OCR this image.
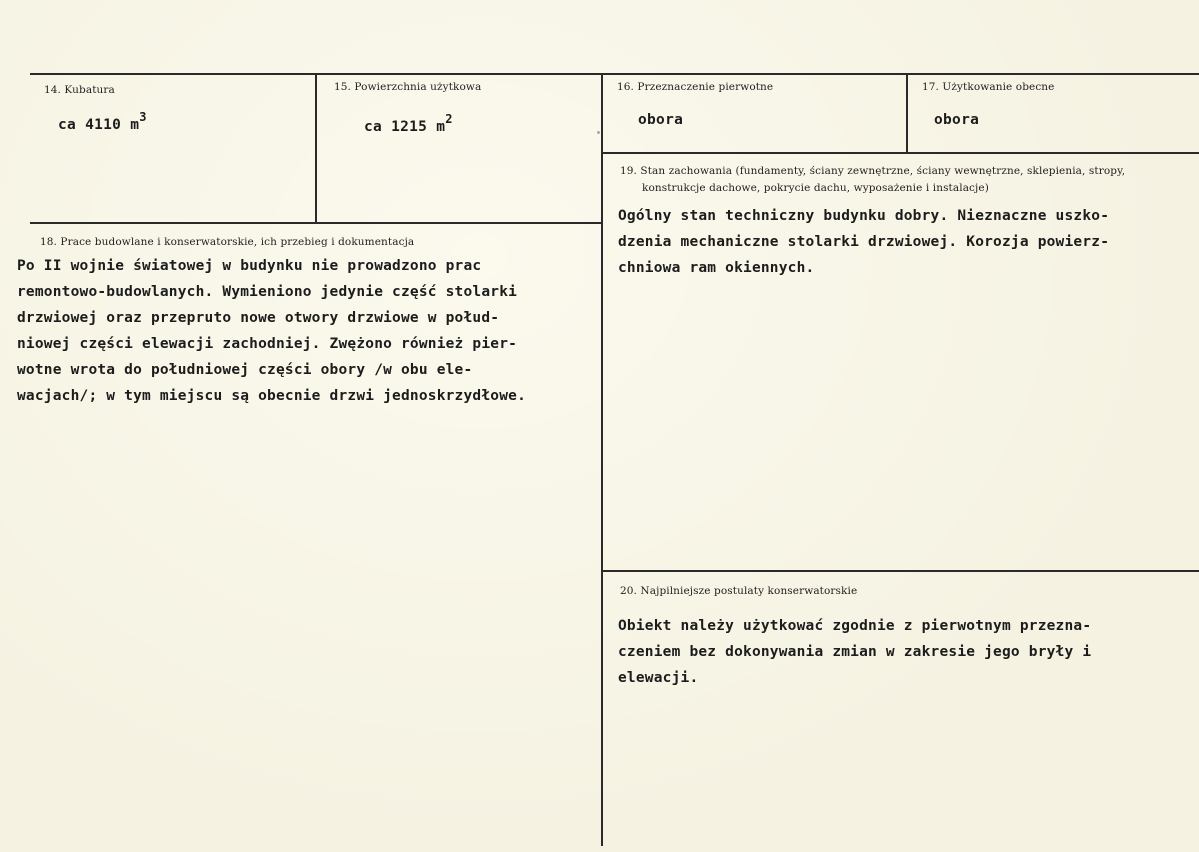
14. Kubatura
ca 4110 $m^3$
15. Powierzchnia użytkowa
ca 1215 $m^2$
16. Przeznaczenie pierwotne
obora
17. Użytkowanie obecne
obora
18. Prace budowlane i konserwatorskie, ich przebieg i dokumentacja
Po II wojnie światowej w budynku nie prowadzono prac
remontowo-budowlanych. Wymieniono jedynie część stolarki
drzwiowej oraz przepruto nowe otwory drzwiowe w połud-
niowej części elewacji zachodniej. Zwężono również pier-
wotne wrota do południowej części obory /w obu ele-
wacjach/; w tym miejscu są obecnie drzwi jednoskrzydłowe.
19. Stan zachowania (fundamenty, ściany zewnętrzne, ściany wewnętrzne, sklepienia, stropy,
konstrukcje dachowe, pokrycie dachu, wyposażenie i instalacje)
Ogólny stan techniczny budynku dobry. Nieznaczne uszko-
dzenia mechaniczne stolarki drzwiowej. Korozja powierz-
chniowa ram okiennych.
20. Najpilniejsze postulaty konserwatorskie
Obiekt należy użytkować zgodnie z pierwotnym przezna-
czeniem bez dokonywania zmian w zakresie jego bryły i
elewacji.
